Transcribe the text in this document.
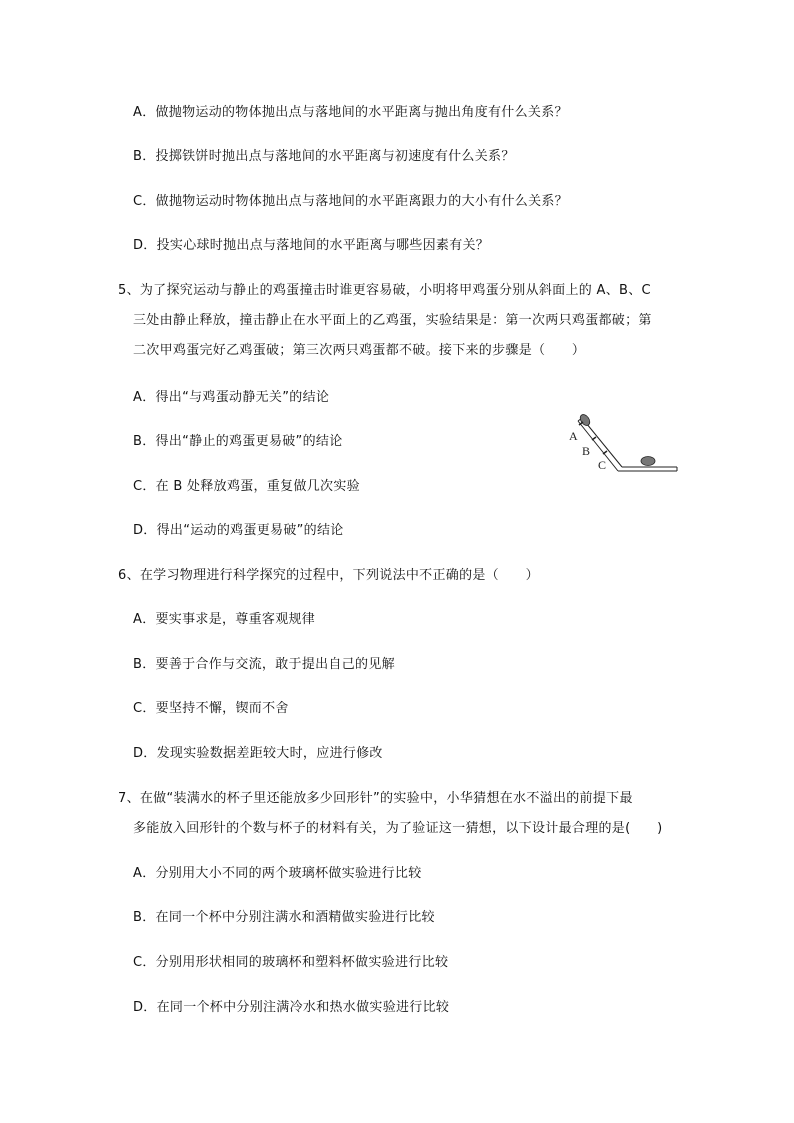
A．做抛物运动的物体抛出点与落地间的水平距离与抛出角度有什么关系？
B．投掷铁饼时抛出点与落地间的水平距离与初速度有什么关系？
C．做抛物运动时物体抛出点与落地间的水平距离跟力的大小有什么关系？
D．投实心球时抛出点与落地间的水平距离与哪些因素有关？
5、为了探究运动与静止的鸡蛋撞击时谁更容易破，小明将甲鸡蛋分别从斜面上的 A、B、C
三处由静止释放，撞击静止在水平面上的乙鸡蛋，实验结果是：第一次两只鸡蛋都破；第
二次甲鸡蛋完好乙鸡蛋破；第三次两只鸡蛋都不破。接下来的步骤是（　　）
A．得出“与鸡蛋动静无关”的结论
B．得出“静止的鸡蛋更易破”的结论
C．在 B 处释放鸡蛋，重复做几次实验
D．得出“运动的鸡蛋更易破”的结论
A
B
C
6、在学习物理进行科学探究的过程中，下列说法中不正确的是（　　）
A．要实事求是，尊重客观规律
B．要善于合作与交流，敢于提出自己的见解
C．要坚持不懈，锲而不舍
D．发现实验数据差距较大时，应进行修改
7、在做“装满水的杯子里还能放多少回形针”的实验中，小华猜想在水不溢出的前提下最
多能放入回形针的个数与杯子的材料有关，为了验证这一猜想，以下设计最合理的是(　　)
A．分别用大小不同的两个玻璃杯做实验进行比较
B．在同一个杯中分别注满水和酒精做实验进行比较
C．分别用形状相同的玻璃杯和塑料杯做实验进行比较
D．在同一个杯中分别注满冷水和热水做实验进行比较
